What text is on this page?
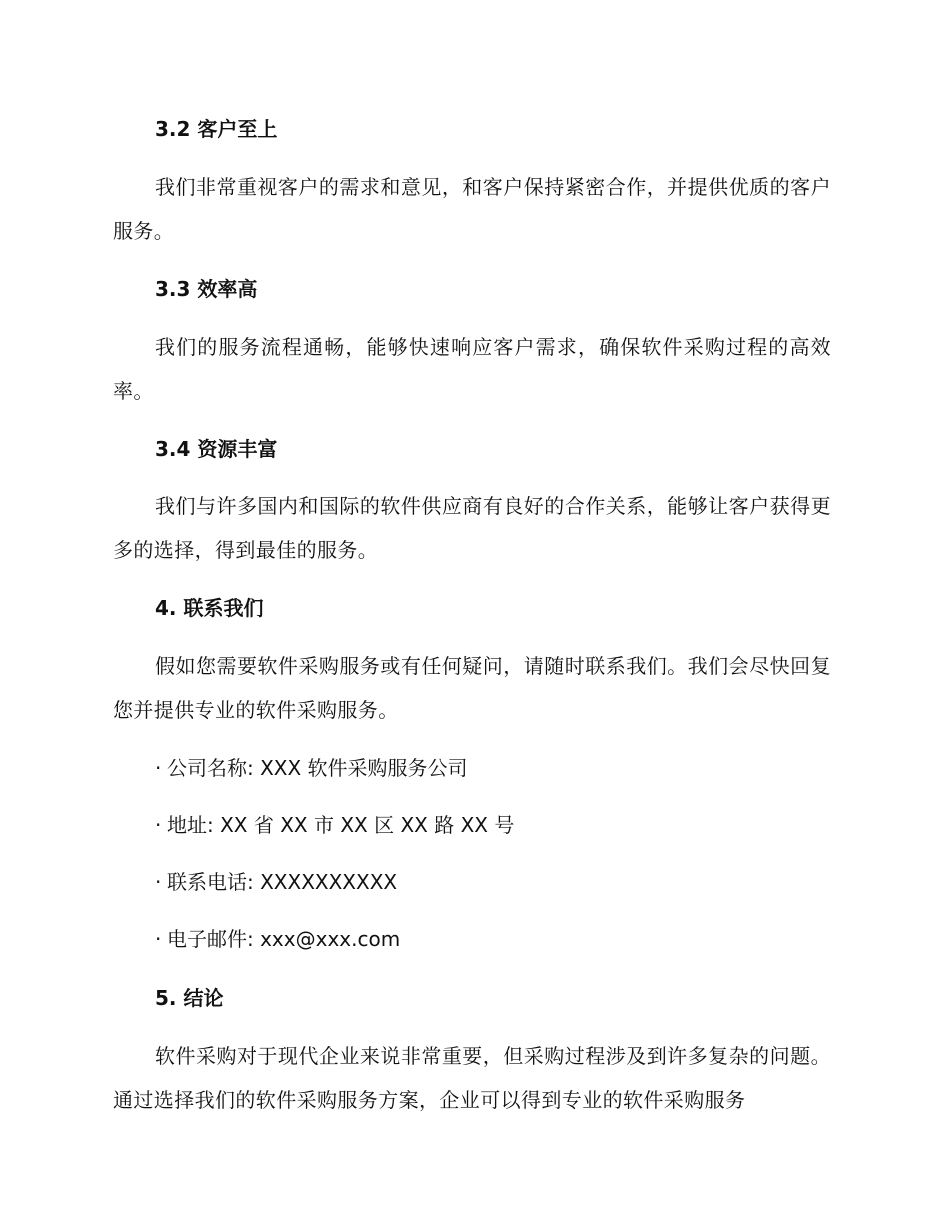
3.2 客户至上
我们非常重视客户的需求和意见，和客户保持紧密合作，并提供优质的客户服务。
3.3 效率高
我们的服务流程通畅，能够快速响应客户需求，确保软件采购过程的高效率。
3.4 资源丰富
我们与许多国内和国际的软件供应商有良好的合作关系，能够让客户获得更多的选择，得到最佳的服务。
4. 联系我们
假如您需要软件采购服务或有任何疑问，请随时联系我们。我们会尽快回复您并提供专业的软件采购服务。
· 公司名称: XXX 软件采购服务公司
· 地址: XX 省 XX 市 XX 区 XX 路 XX 号
· 联系电话: XXXXXXXXXX
· 电子邮件: xxx@xxx.com
5. 结论
软件采购对于现代企业来说非常重要，但采购过程涉及到许多复杂的问题。通过选择我们的软件采购服务方案，企业可以得到专业的软件采购服务
